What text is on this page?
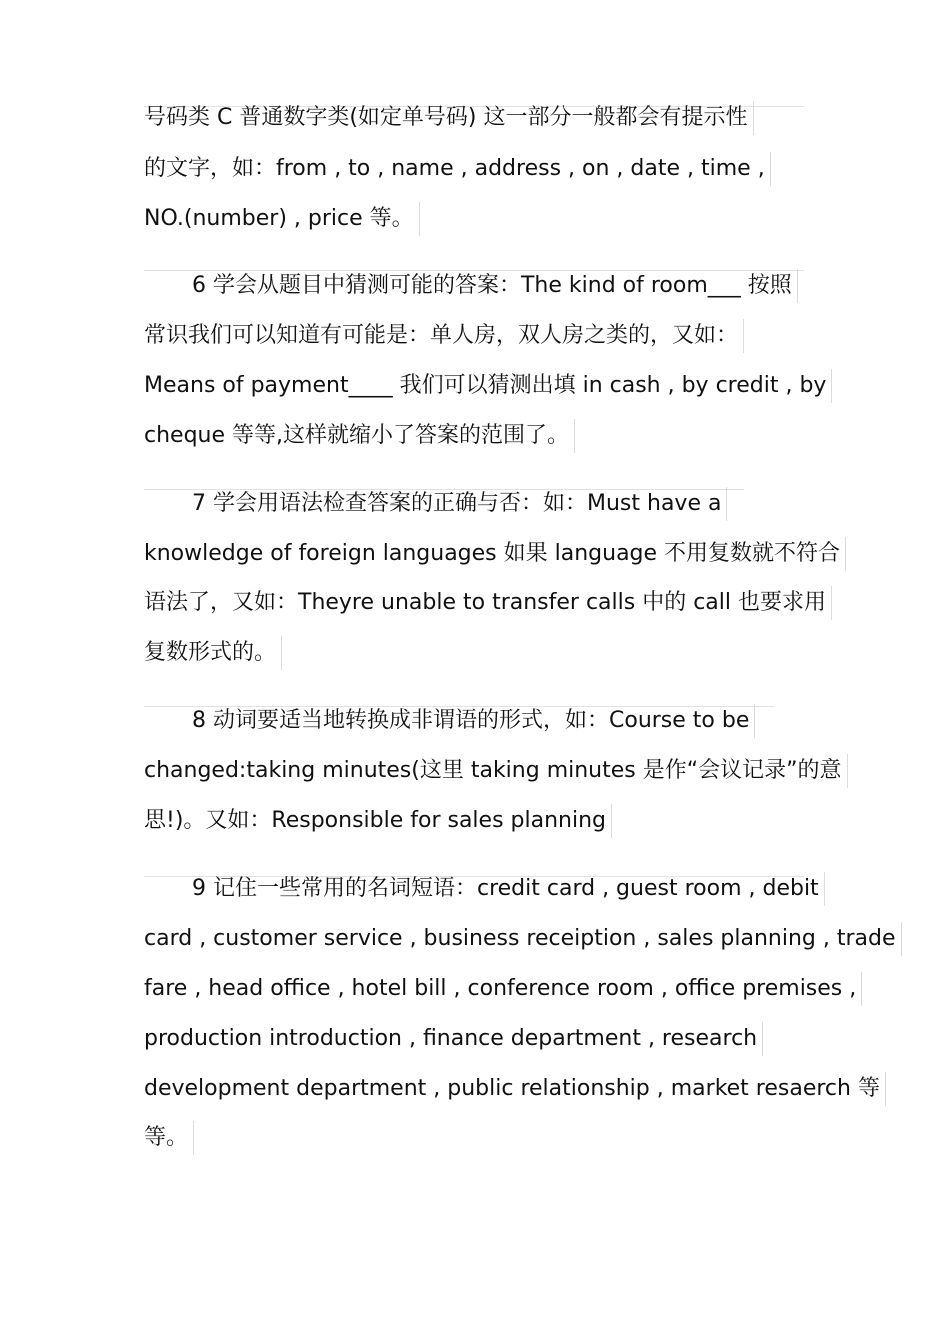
号码类 C 普通数字类(如定单号码) 这一部分一般都会有提示性
的文字，如：from , to , name , address , on , date , time ,
NO.(number) , price 等。
6 学会从题目中猜测可能的答案：The kind of room___ 按照
常识我们可以知道有可能是：单人房，双人房之类的，又如：
Means of payment____ 我们可以猜测出填 in cash , by credit , by
cheque 等等,这样就缩小了答案的范围了。
7 学会用语法检查答案的正确与否：如：Must have a
knowledge of foreign languages 如果 language 不用复数就不符合
语法了，又如：Theyre unable to transfer calls 中的 call 也要求用
复数形式的。
8 动词要适当地转换成非谓语的形式，如：Course to be
changed:taking minutes(这里 taking minutes 是作“会议记录”的意
思!)。又如：Responsible for sales planning
9 记住一些常用的名词短语：credit card , guest room , debit
card , customer service , business receiption , sales planning , trade
fare , head office , hotel bill , conference room , office premises ,
production introduction , finance department , research
development department , public relationship , market resaerch 等
等。
